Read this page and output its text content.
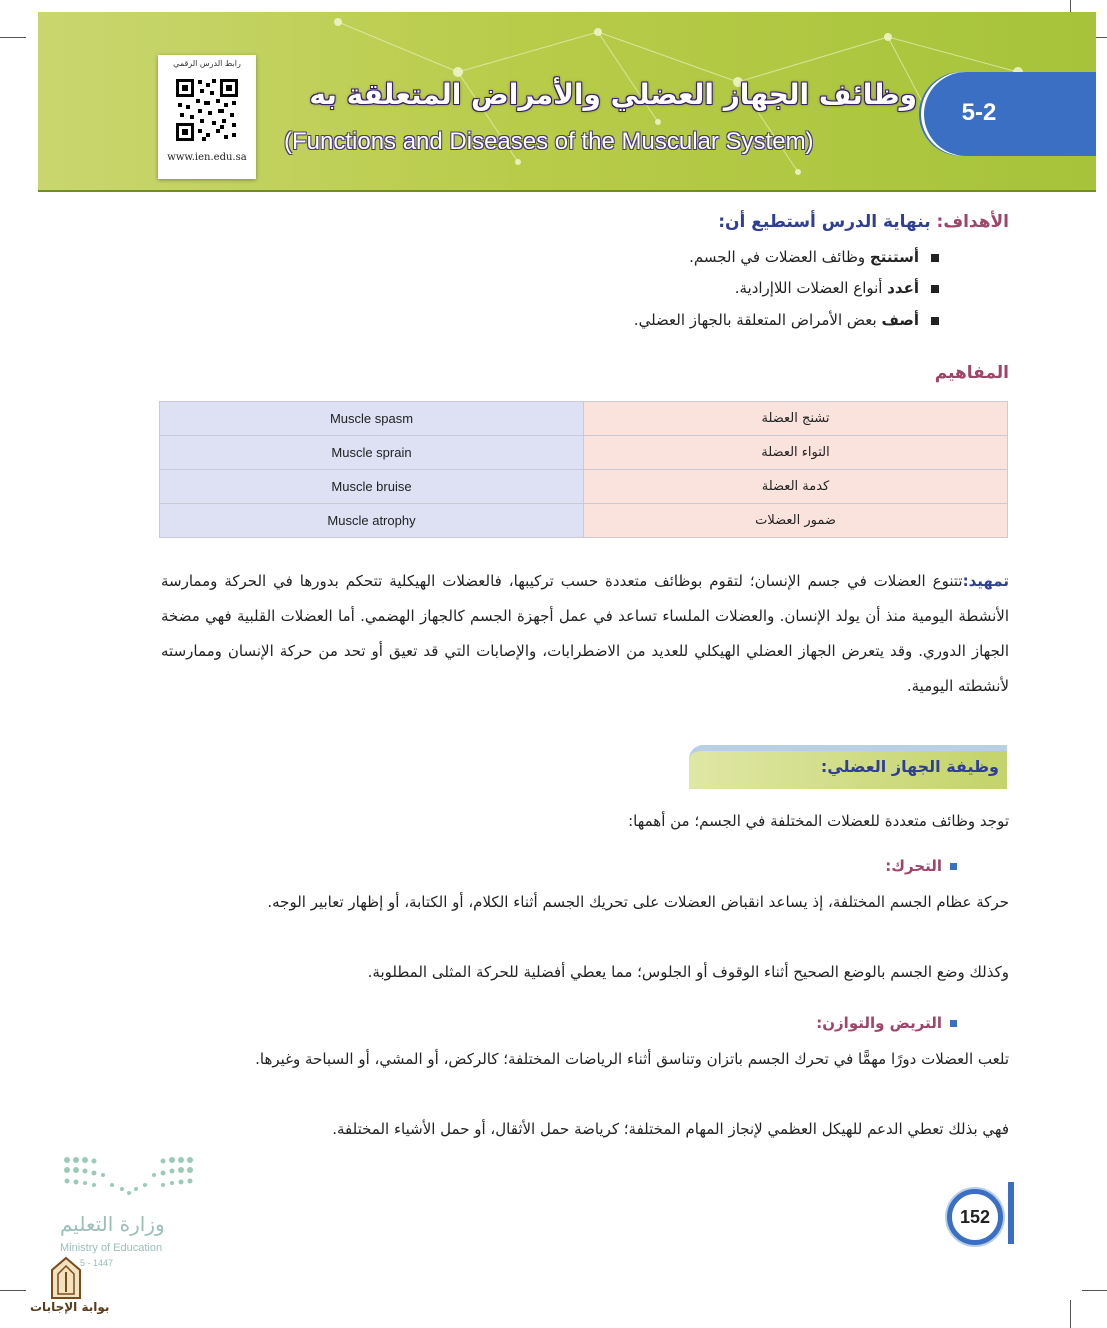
رابط الدرس الرقمي
www.ien.edu.sa
وظائف الجهاز العضلي والأمراض المتعلقة به
(Functions and Diseases of the Muscular System)
5-2
الأهداف: بنهاية الدرس أستطيع أن:
أستنتج وظائف العضلات في الجسم.
أعدد أنواع العضلات اللاإرادية.
أصف بعض الأمراض المتعلقة بالجهاز العضلي.
المفاهيم
Muscle spasm	تشنج العضلة
Muscle sprain	التواء العضلة
Muscle bruise	كدمة العضلة
Muscle atrophy	ضمور العضلات
تمهيد:تتنوع العضلات في جسم الإنسان؛ لتقوم بوظائف متعددة حسب تركيبها، فالعضلات الهيكلية تتحكم بدورها في الحركة وممارسة الأنشطة اليومية منذ أن يولد الإنسان. والعضلات الملساء تساعد في عمل أجهزة الجسم كالجهاز الهضمي. أما العضلات القلبية فهي مضخة الجهاز الدوري. وقد يتعرض الجهاز العضلي الهيكلي للعديد من الاضطرابات، والإصابات التي قد تعيق أو تحد من حركة الإنسان وممارسته لأنشطته اليومية.
وظيفة الجهاز العضلي:
توجد وظائف متعددة للعضلات المختلفة في الجسم؛ من أهمها:
التحرك:
حركة عظام الجسم المختلفة، إذ يساعد انقباض العضلات على تحريك الجسم أثناء الكلام، أو الكتابة، أو إظهار تعابير الوجه.
وكذلك وضع الجسم بالوضع الصحيح أثناء الوقوف أو الجلوس؛ مما يعطي أفضلية للحركة المثلى المطلوبة.
التريض والتوازن:
تلعب العضلات دورًا مهمًّا في تحرك الجسم باتزان وتناسق أثناء الرياضات المختلفة؛ كالركض، أو المشي، أو السباحة وغيرها.
فهي بذلك تعطي الدعم للهيكل العظمي لإنجاز المهام المختلفة؛ كرياضة حمل الأثقال، أو حمل الأشياء المختلفة.
وزارة التعليم
Ministry of Education
5 - 1447
بوابة الإجابات
152
